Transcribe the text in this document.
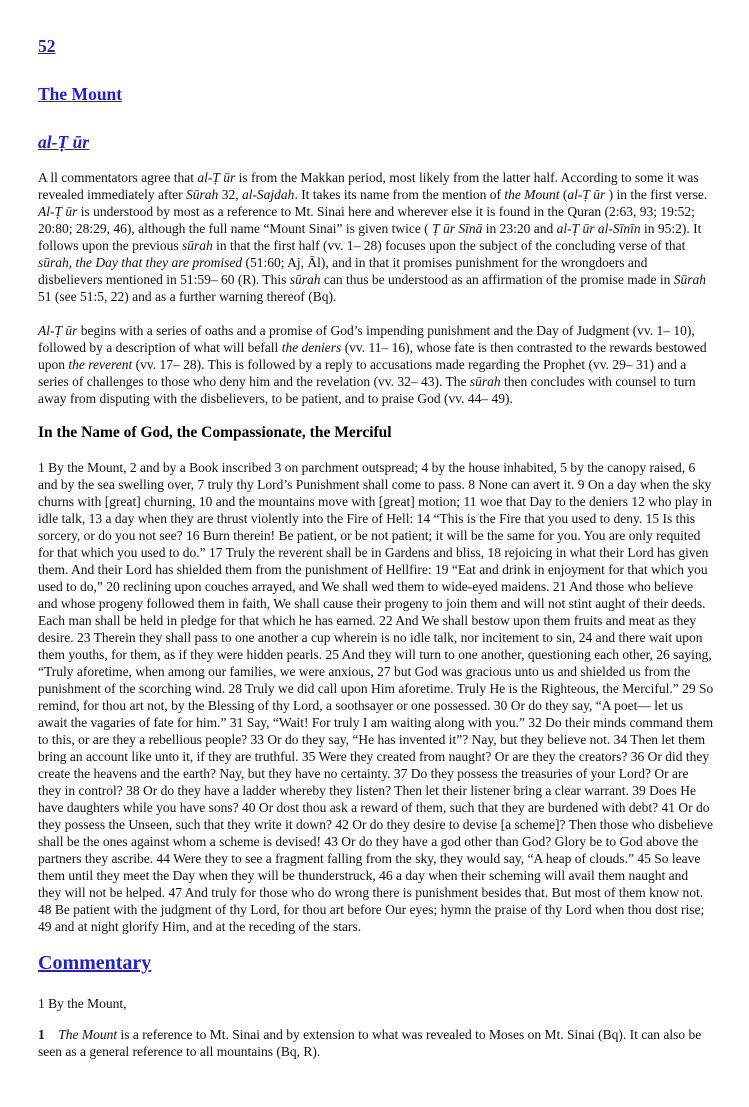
52
The Mount
al-Ṭ ūr

A ll commentators agree that al-Ṭ ūr is from the Makkan period, most likely from the latter half. According to some it was revealed immediately after Sūrah 32, al-Sajdah. It takes its name from the mention of the Mount (al-Ṭ ūr ) in the first verse. Al-Ṭ ūr is understood by most as a reference to Mt. Sinai here and wherever else it is found in the Quran (2:63, 93; 19:52; 20:80; 28:29, 46), although the full name “Mount Sinai” is given twice ( Ṭ ūr Sīnā in 23:20 and al-Ṭ ūr al-Sīnīn in 95:2). It follows upon the previous sūrah in that the first half (vv. 1– 28) focuses upon the subject of the concluding verse of that sūrah, the Day that they are promised (51:60; Aj, Āl), and in that it promises punishment for the wrongdoers and disbelievers mentioned in 51:59– 60 (R). This sūrah can thus be understood as an affirmation of the promise made in Sūrah 51 (see 51:5, 22) and as a further warning thereof (Bq).

Al-Ṭ ūr begins with a series of oaths and a promise of God’s impending punishment and the Day of Judgment (vv. 1– 10), followed by a description of what will befall the deniers (vv. 11– 16), whose fate is then contrasted to the rewards bestowed upon the reverent (vv. 17– 28). This is followed by a reply to accusations made regarding the Prophet (vv. 29– 31) and a series of challenges to those who deny him and the revelation (vv. 32– 43). The sūrah then concludes with counsel to turn away from disputing with the disbelievers, to be patient, and to praise God (vv. 44– 49).

In the Name of God, the Compassionate, the Merciful

1 By the Mount, 2 and by a Book inscribed 3 on parchment outspread; 4 by the house inhabited, 5 by the canopy raised, 6 and by the sea swelling over, 7 truly thy Lord’s Punishment shall come to pass. 8 None can avert it. 9 On a day when the sky churns with [great] churning, 10 and the mountains move with [great] motion; 11 woe that Day to the deniers 12 who play in idle talk, 13 a day when they are thrust violently into the Fire of Hell: 14 “This is the Fire that you used to deny. 15 Is this sorcery, or do you not see? 16 Burn therein! Be patient, or be not patient; it will be the same for you. You are only requited for that which you used to do.” 17 Truly the reverent shall be in Gardens and bliss, 18 rejoicing in what their Lord has given them. And their Lord has shielded them from the punishment of Hellfire: 19 “Eat and drink in enjoyment for that which you used to do,” 20 reclining upon couches arrayed, and We shall wed them to wide-eyed maidens. 21 And those who believe and whose progeny followed them in faith, We shall cause their progeny to join them and will not stint aught of their deeds. Each man shall be held in pledge for that which he has earned. 22 And We shall bestow upon them fruits and meat as they desire. 23 Therein they shall pass to one another a cup wherein is no idle talk, nor incitement to sin, 24 and there wait upon them youths, for them, as if they were hidden pearls. 25 And they will turn to one another, questioning each other, 26 saying, “Truly aforetime, when among our families, we were anxious, 27 but God was gracious unto us and shielded us from the punishment of the scorching wind. 28 Truly we did call upon Him aforetime. Truly He is the Righteous, the Merciful.” 29 So remind, for thou art not, by the Blessing of thy Lord, a soothsayer or one possessed. 30 Or do they say, “A poet— let us await the vagaries of fate for him.” 31 Say, “Wait! For truly I am waiting along with you.” 32 Do their minds command them to this, or are they a rebellious people? 33 Or do they say, “He has invented it”? Nay, but they believe not. 34 Then let them bring an account like unto it, if they are truthful. 35 Were they created from naught? Or are they the creators? 36 Or did they create the heavens and the earth? Nay, but they have no certainty. 37 Do they possess the treasuries of your Lord? Or are they in control? 38 Or do they have a ladder whereby they listen? Then let their listener bring a clear warrant. 39 Does He have daughters while you have sons? 40 Or dost thou ask a reward of them, such that they are burdened with debt? 41 Or do they possess the Unseen, such that they write it down? 42 Or do they desire to devise [a scheme]? Then those who disbelieve shall be the ones against whom a scheme is devised! 43 Or do they have a god other than God? Glory be to God above the partners they ascribe. 44 Were they to see a fragment falling from the sky, they would say, “A heap of clouds.” 45 So leave them until they meet the Day when they will be thunderstruck, 46 a day when their scheming will avail them naught and they will not be helped. 47 And truly for those who do wrong there is punishment besides that. But most of them know not. 48 Be patient with the judgment of thy Lord, for thou art before Our eyes; hymn the praise of thy Lord when thou dost rise; 49 and at night glorify Him, and at the receding of the stars.

Commentary

1 By the Mount,

1 The Mount is a reference to Mt. Sinai and by extension to what was revealed to Moses on Mt. Sinai (Bq). It can also be seen as a general reference to all mountains (Bq, R).
